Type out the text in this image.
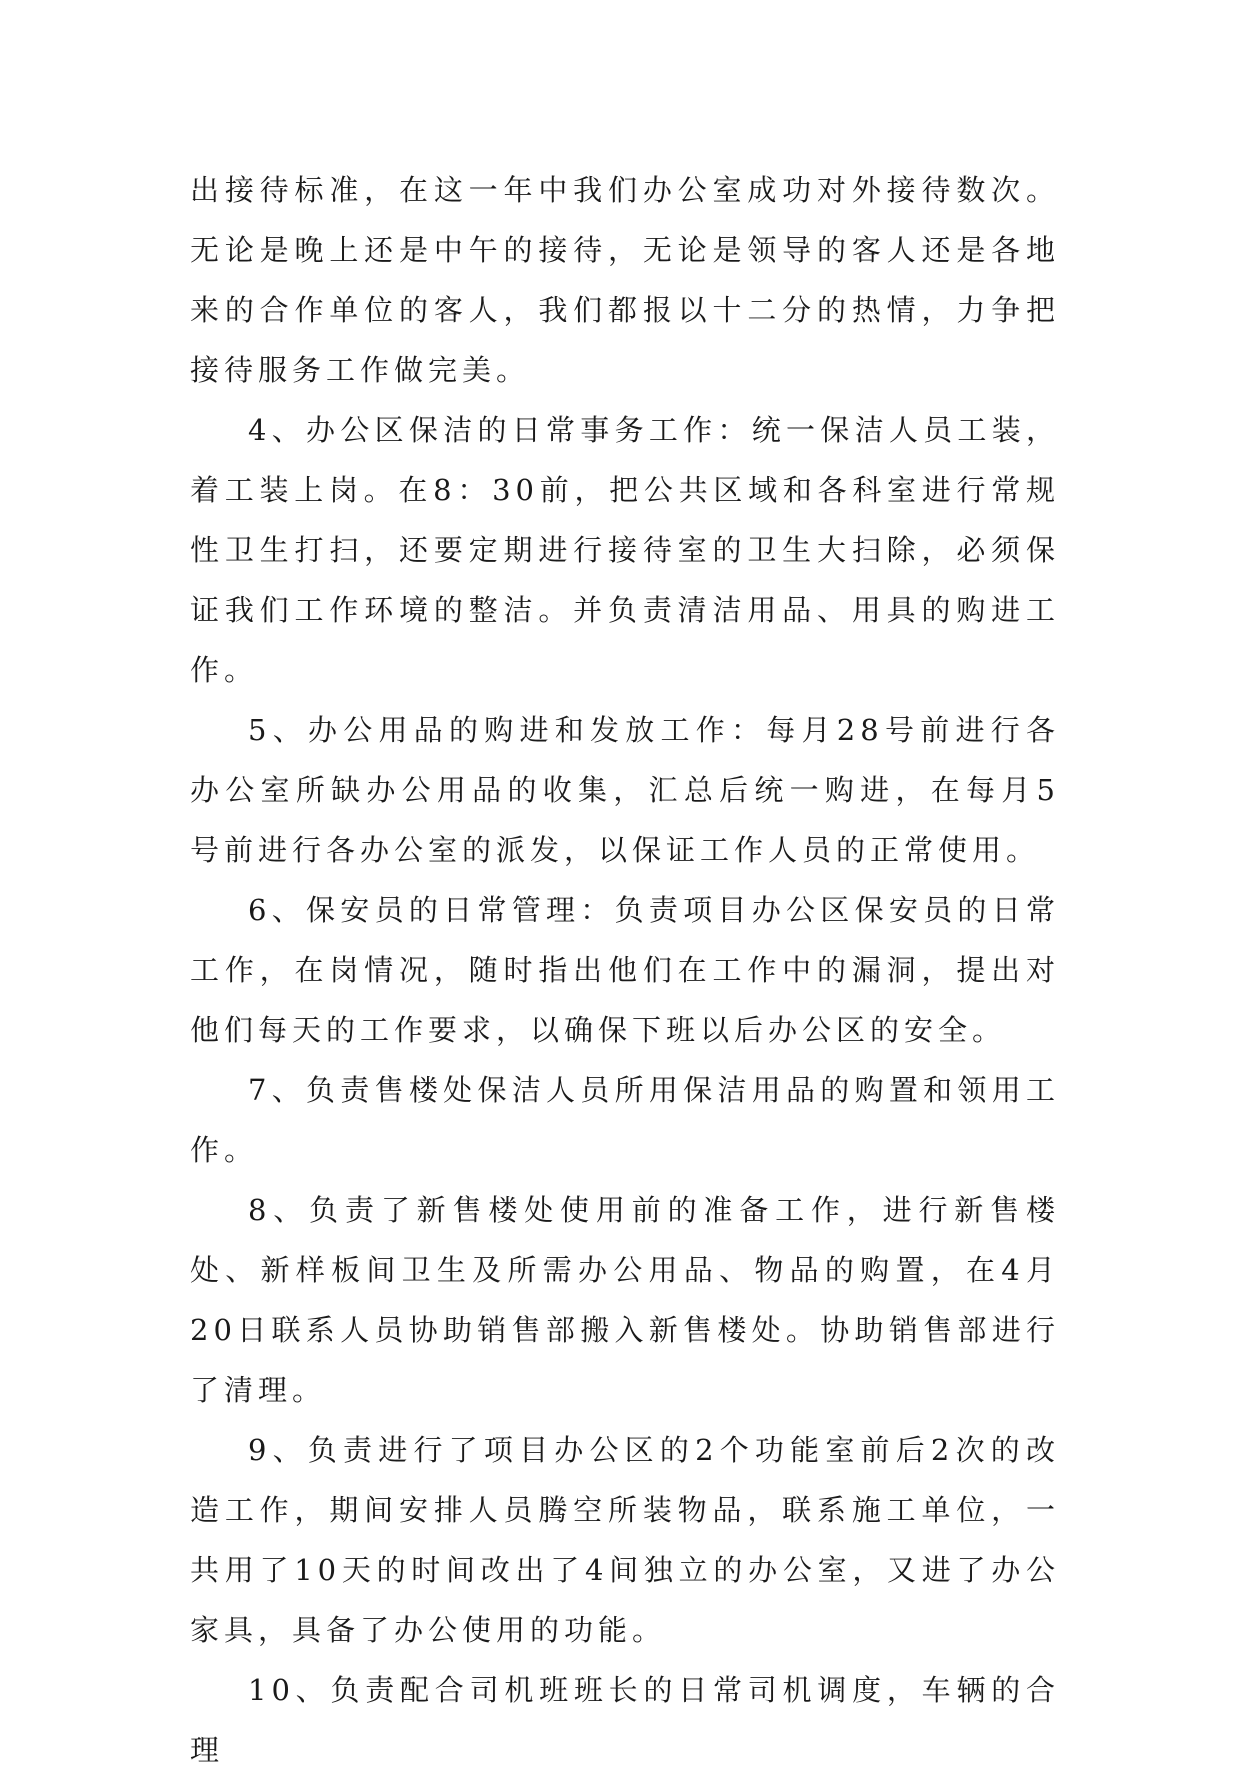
出接待标准，在这一年中我们办公室成功对外接待数次。无论是晚上还是中午的接待，无论是领导的客人还是各地来的合作单位的客人，我们都报以十二分的热情，力争把接待服务工作做完美。

4、办公区保洁的日常事务工作：统一保洁人员工装，着工装上岗。在8：30前，把公共区域和各科室进行常规性卫生打扫，还要定期进行接待室的卫生大扫除，必须保证我们工作环境的整洁。并负责清洁用品、用具的购进工作。

5、办公用品的购进和发放工作：每月28号前进行各办公室所缺办公用品的收集，汇总后统一购进，在每月5号前进行各办公室的派发，以保证工作人员的正常使用。

6、保安员的日常管理：负责项目办公区保安员的日常工作，在岗情况，随时指出他们在工作中的漏洞，提出对他们每天的工作要求，以确保下班以后办公区的安全。

7、负责售楼处保洁人员所用保洁用品的购置和领用工作。

8、负责了新售楼处使用前的准备工作，进行新售楼处、新样板间卫生及所需办公用品、物品的购置，在4月20日联系人员协助销售部搬入新售楼处。协助销售部进行了清理。

9、负责进行了项目办公区的2个功能室前后2次的改造工作，期间安排人员腾空所装物品，联系施工单位，一共用了10天的时间改出了4间独立的办公室，又进了办公家具，具备了办公使用的功能。

10、负责配合司机班班长的日常司机调度，车辆的合理
